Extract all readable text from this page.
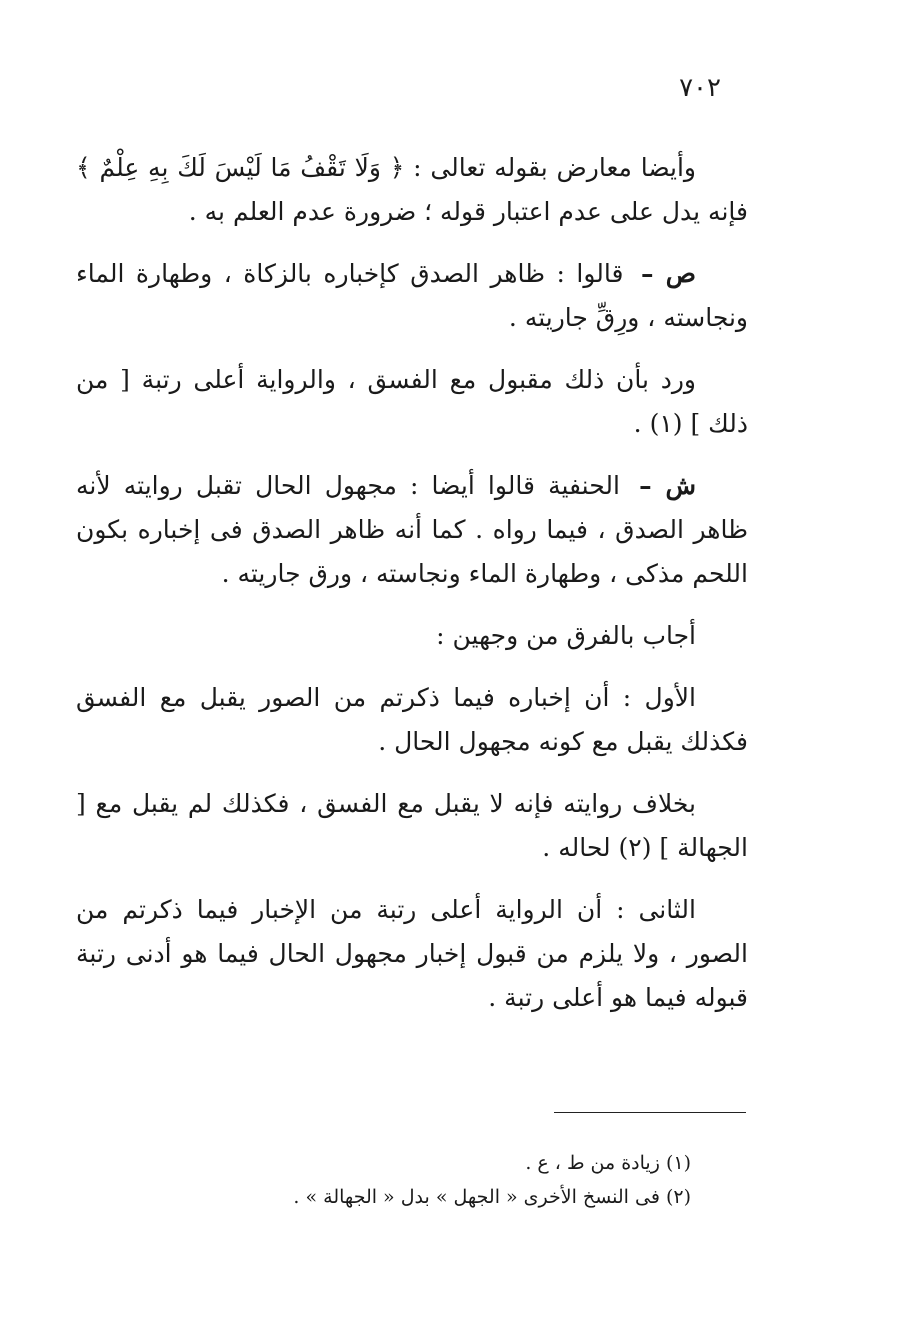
٧٠٢

وأيضا معارض بقوله تعالى : ﴿ وَلَا تَقْفُ مَا لَيْسَ لَكَ بِهِ عِلْمٌ ﴾ فإنه يدل على عدم اعتبار قوله ؛ ضرورة عدم العلم به .

ص – قالوا : ظاهر الصدق كإخباره بالزكاة ، وطهارة الماء ونجاسته ، ورِقِّ جاريته .

ورد بأن ذلك مقبول مع الفسق ، والرواية أعلى رتبة [ من ذلك ] (١) .

ش – الحنفية قالوا أيضا : مجهول الحال تقبل روايته لأنه ظاهر الصدق ، فيما رواه . كما أنه ظاهر الصدق فى إخباره بكون اللحم مذكى ، وطهارة الماء ونجاسته ، ورق جاريته .

أجاب بالفرق من وجهين :

الأول : أن إخباره فيما ذكرتم من الصور يقبل مع الفسق فكذلك يقبل مع كونه مجهول الحال .

بخلاف روايته فإنه لا يقبل مع الفسق ، فكذلك لم يقبل مع [ الجهالة ] (٢) لحاله .

الثانى : أن الرواية أعلى رتبة من الإخبار فيما ذكرتم من الصور ، ولا يلزم من قبول إخبار مجهول الحال فيما هو أدنى رتبة قبوله فيما هو أعلى رتبة .

(١) زيادة من ط ، ع .

(٢) فى النسخ الأخرى « الجهل » بدل « الجهالة » .
